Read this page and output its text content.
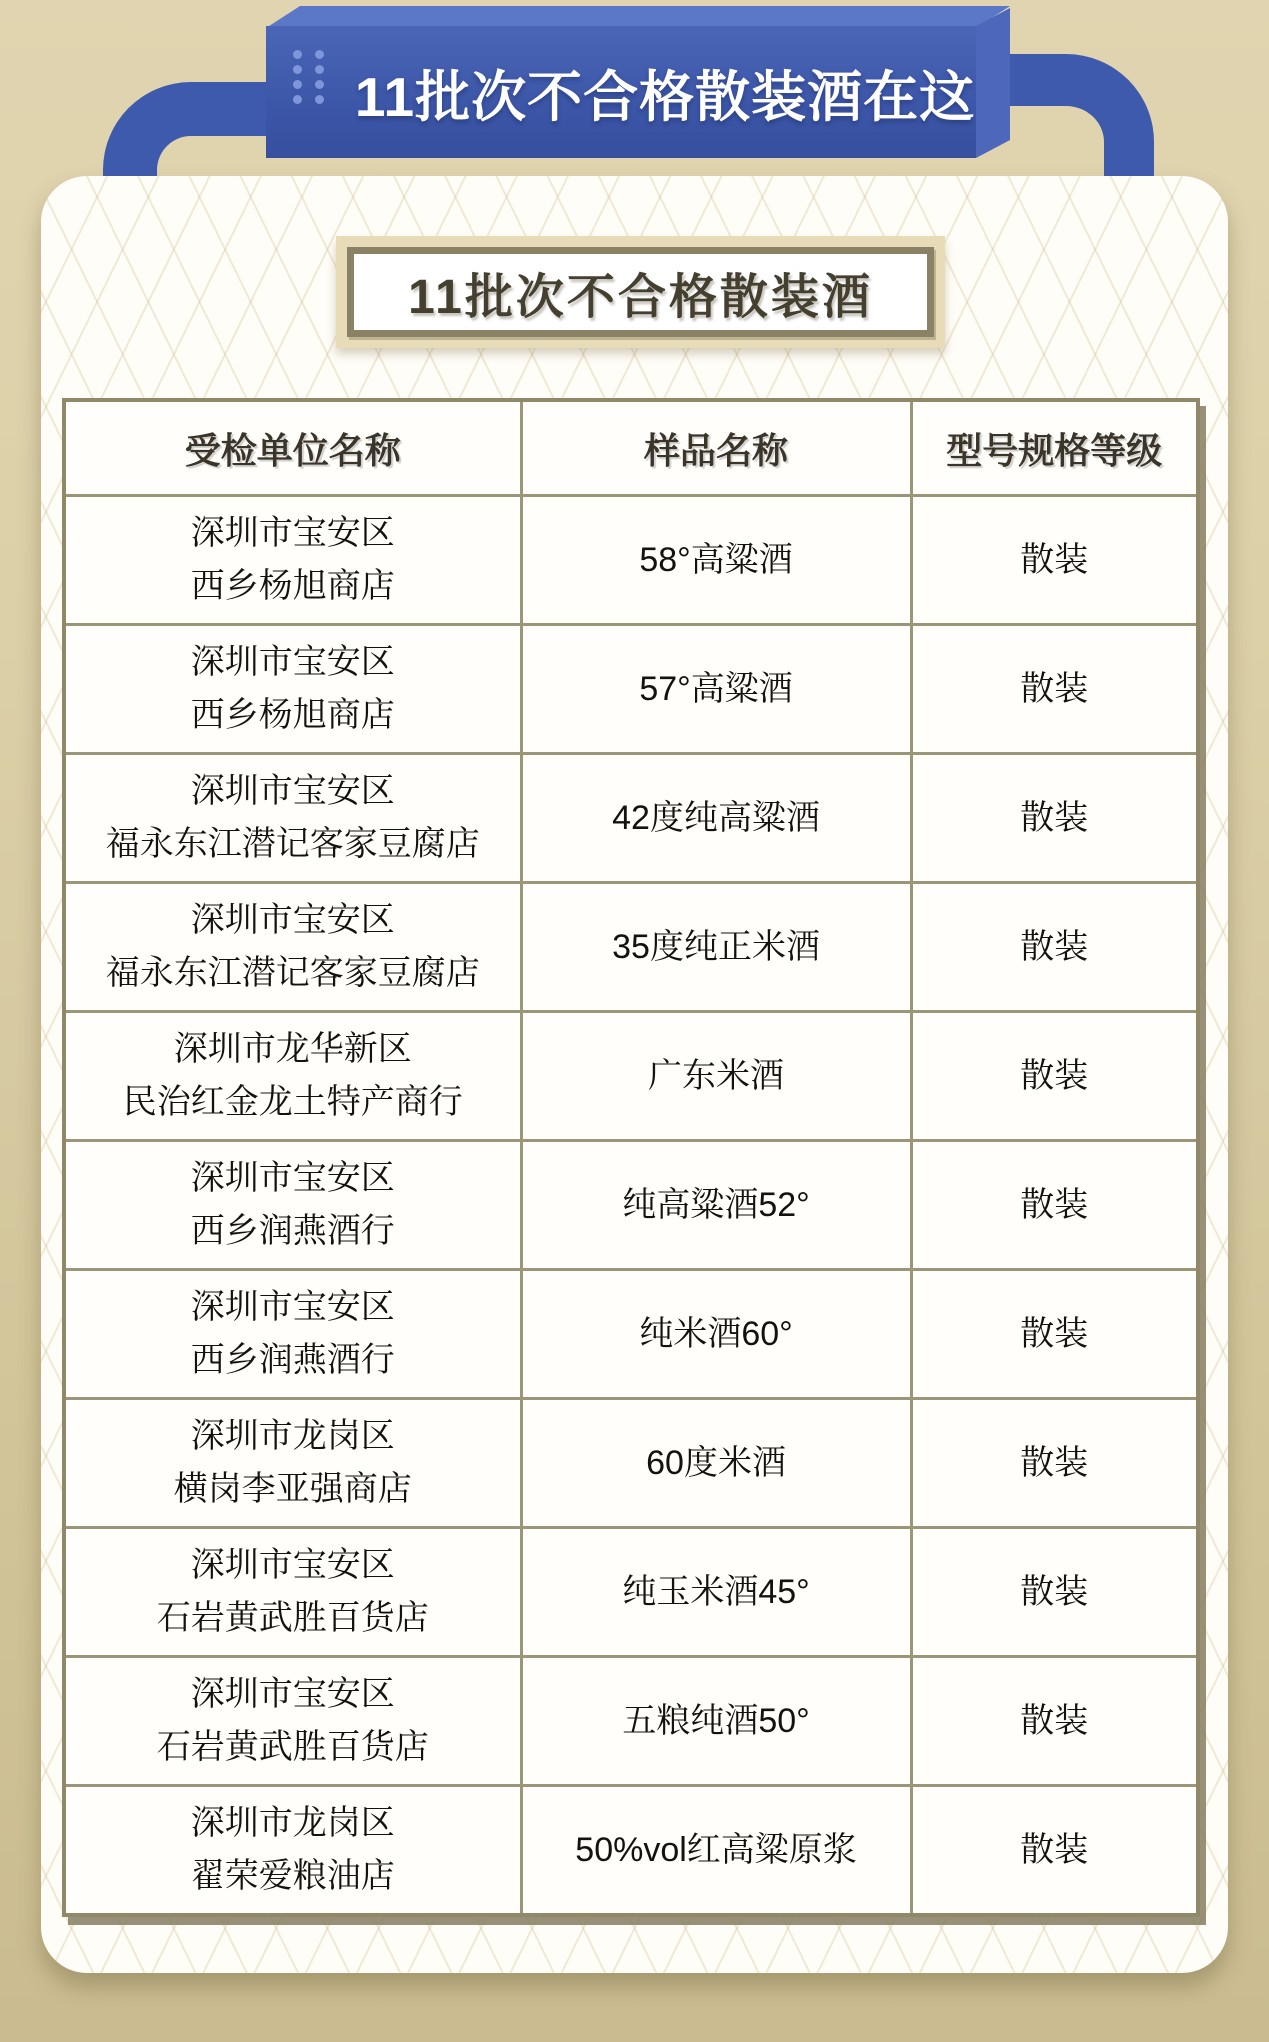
11批次不合格散装酒在这
11批次不合格散装酒
受检单位名称	样品名称	型号规格等级

深圳市宝安区
西乡杨旭商店	58°高粱酒	散装

深圳市宝安区
西乡杨旭商店	57°高粱酒	散装

深圳市宝安区
福永东江潜记客家豆腐店	42度纯高粱酒	散装

深圳市宝安区
福永东江潜记客家豆腐店	35度纯正米酒	散装

深圳市龙华新区
民治红金龙土特产商行	广东米酒	散装

深圳市宝安区
西乡润燕酒行	纯高粱酒52°	散装

深圳市宝安区
西乡润燕酒行	纯米酒60°	散装

深圳市龙岗区
横岗李亚强商店	60度米酒	散装

深圳市宝安区
石岩黄武胜百货店	纯玉米酒45°	散装

深圳市宝安区
石岩黄武胜百货店	五粮纯酒50°	散装

深圳市龙岗区
翟荣爱粮油店	50%vol红高粱原浆	散装
